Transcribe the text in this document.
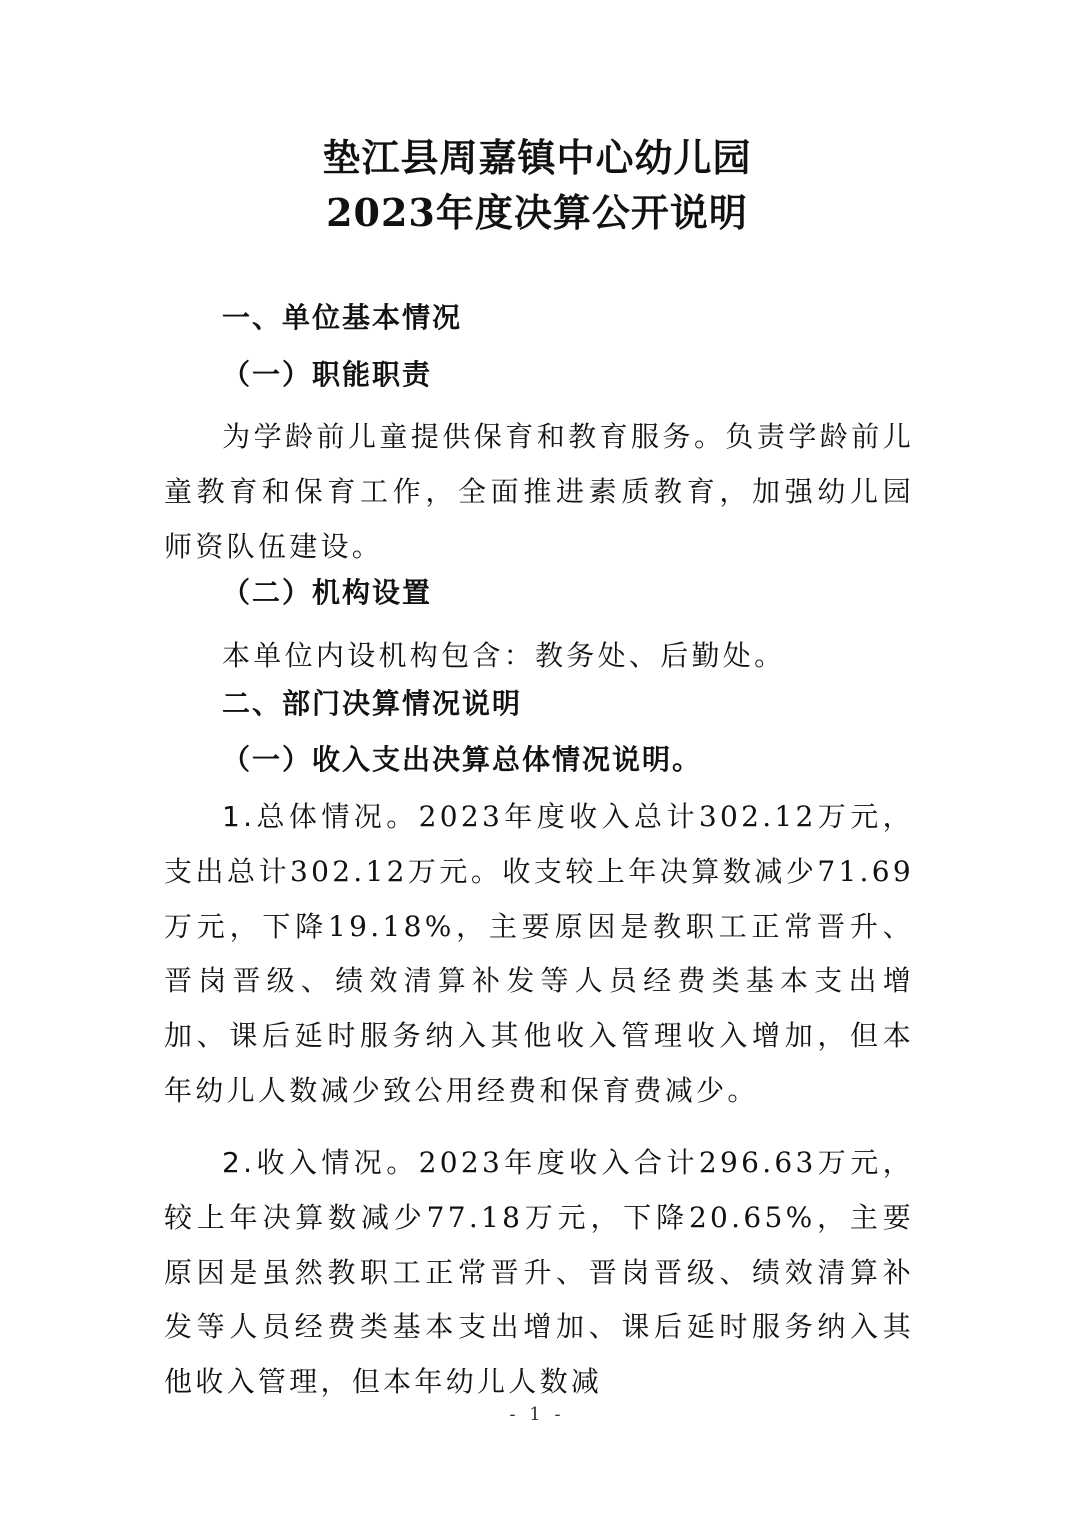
垫江县周嘉镇中心幼儿园
2023年度决算公开说明
一、单位基本情况
（一）职能职责
为学龄前儿童提供保育和教育服务。负责学龄前儿童教育和保育工作，全面推进素质教育，加强幼儿园师资队伍建设。
（二）机构设置
本单位内设机构包含：教务处、后勤处。
二、部门决算情况说明
（一）收入支出决算总体情况说明。
1.总体情况。2023年度收入总计302.12万元，支出总计302.12万元。收支较上年决算数减少71.69万元，下降19.18%，主要原因是教职工正常晋升、晋岗晋级、绩效清算补发等人员经费类基本支出增加、课后延时服务纳入其他收入管理收入增加，但本年幼儿人数减少致公用经费和保育费减少。
2.收入情况。2023年度收入合计296.63万元，较上年决算数减少77.18万元，下降20.65%，主要原因是虽然教职工正常晋升、晋岗晋级、绩效清算补发等人员经费类基本支出增加、课后延时服务纳入其他收入管理，但本年幼儿人数减
- 1 -
